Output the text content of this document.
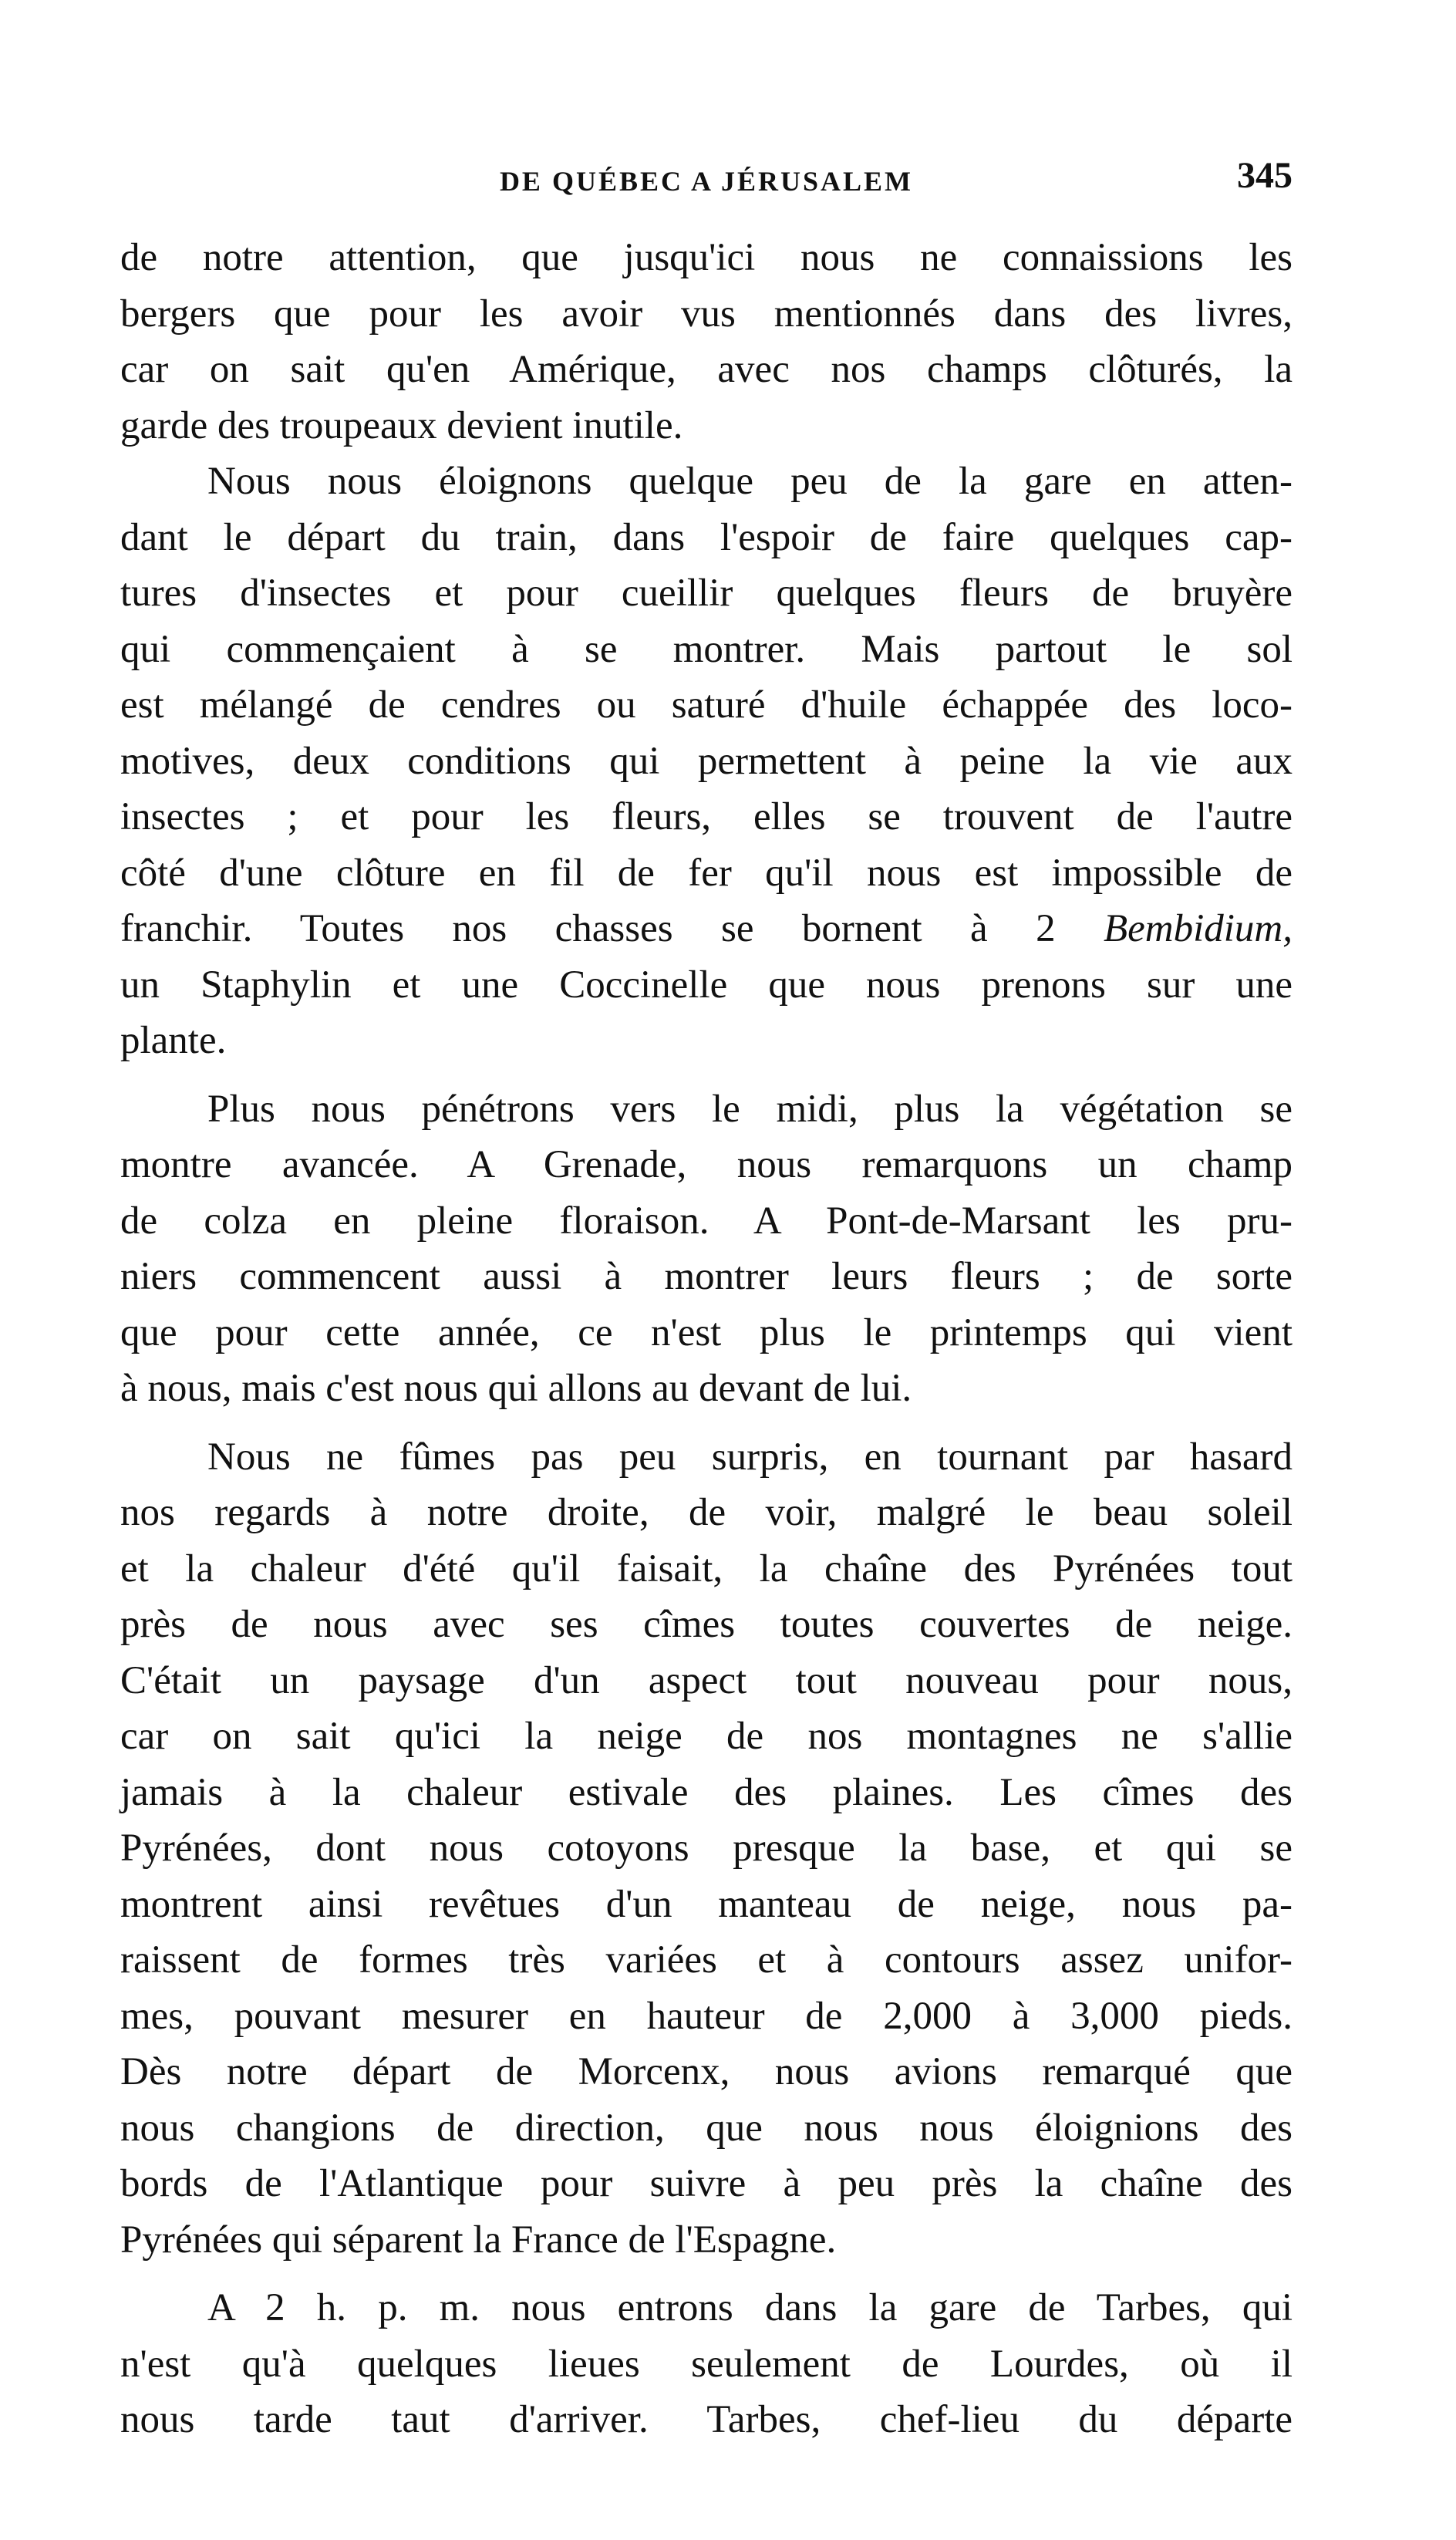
DE QUÉBEC A JÉRUSALEM	345
de notre attention, que jusqu'ici nous ne connaissions les
bergers que pour les avoir vus mentionnés dans des livres,
car on sait qu'en Amérique, avec nos champs clôturés, la
garde des troupeaux devient inutile.
Nous nous éloignons quelque peu de la gare en atten-
dant le départ du train, dans l'espoir de faire quelques cap-
tures d'insectes et pour cueillir quelques fleurs de bruyère
qui commençaient à se montrer. Mais partout le sol
est mélangé de cendres ou saturé d'huile échappée des loco-
motives, deux conditions qui permettent à peine la vie aux
insectes ; et pour les fleurs, elles se trouvent de l'autre
côté d'une clôture en fil de fer qu'il nous est impossible de
franchir. Toutes nos chasses se bornent à 2 Bembidium,
un Staphylin et une Coccinelle que nous prenons sur une
plante.
Plus nous pénétrons vers le midi, plus la végétation se
montre avancée. A Grenade, nous remarquons un champ
de colza en pleine floraison. A Pont-de-Marsant les pru-
niers commencent aussi à montrer leurs fleurs ; de sorte
que pour cette année, ce n'est plus le printemps qui vient
à nous, mais c'est nous qui allons au devant de lui.
Nous ne fûmes pas peu surpris, en tournant par hasard
nos regards à notre droite, de voir, malgré le beau soleil
et la chaleur d'été qu'il faisait, la chaîne des Pyrénées tout
près de nous avec ses cîmes toutes couvertes de neige.
C'était un paysage d'un aspect tout nouveau pour nous,
car on sait qu'ici la neige de nos montagnes ne s'allie
jamais à la chaleur estivale des plaines. Les cîmes des
Pyrénées, dont nous cotoyons presque la base, et qui se
montrent ainsi revêtues d'un manteau de neige, nous pa-
raissent de formes très variées et à contours assez unifor-
mes, pouvant mesurer en hauteur de 2,000 à 3,000 pieds.
Dès notre départ de Morcenx, nous avions remarqué que
nous changions de direction, que nous nous éloignions des
bords de l'Atlantique pour suivre à peu près la chaîne des
Pyrénées qui séparent la France de l'Espagne.
A 2 h. p. m. nous entrons dans la gare de Tarbes, qui
n'est qu'à quelques lieues seulement de Lourdes, où il
nous tarde taut d'arriver. Tarbes, chef-lieu du départe
